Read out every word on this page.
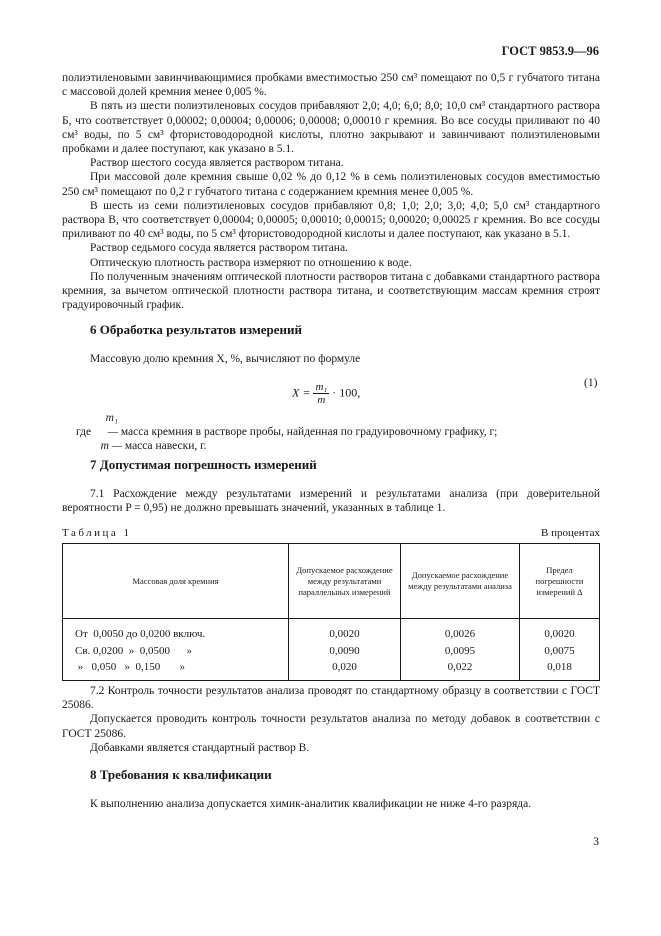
ГОСТ 9853.9—96

полиэтиленовыми завинчивающимися пробками вместимостью 250 см³ помещают по 0,5 г губчатого титана с массовой долей кремния менее 0,005 %.

В пять из шести полиэтиленовых сосудов прибавляют 2,0; 4,0; 6,0; 8,0; 10,0 см³ стандартного раствора Б, что соответствует 0,00002; 0,00004; 0,00006; 0,00008; 0,00010 г кремния. Во все сосуды приливают по 40 см³ воды, по 5 см³ фтористоводородной кислоты, плотно закрывают и завинчивают полиэтиленовыми пробками и далее поступают, как указано в 5.1.

Раствор шестого сосуда является раствором титана.

При массовой доле кремния свыше 0,02 % до 0,12 % в семь полиэтиленовых сосудов вместимостью 250 см³ помещают по 0,2 г губчатого титана с содержанием кремния менее 0,005 %.

В шесть из семи полиэтиленовых сосудов прибавляют 0,8; 1,0; 2,0; 3,0; 4,0; 5,0 см³ стандартного раствора В, что соответствует 0,00004; 0,00005; 0,00010; 0,00015; 0,00020; 0,00025 г кремния. Во все сосуды приливают по 40 см³ воды, по 5 см³ фтористоводородной кислоты и далее поступают, как указано в 5.1.

Раствор седьмого сосуда является раствором титана.

Оптическую плотность раствора измеряют по отношению к воде.

По полученным значениям оптической плотности растворов титана с добавками стандартного раствора кремния, за вычетом оптической плотности раствора титана, и соответствующим массам кремния строят градуировочный график.

6 Обработка результатов измерений

Массовую долю кремния X, %, вычисляют по формуле

$X = \frac{\text{m₁}}{m} \cdot 100$,
(1)
где m₁ — масса кремния в растворе пробы, найденная по градуировочному графику, г;
m — масса навески, г.
7 Допустимая погрешность измерений

7.1 Расхождение между результатами измерений и результатами анализа (при доверительной вероятности P = 0,95) не должно превышать значений, указанных в таблице 1.

Таблица 1	В процентах
Массовая доля кремния	Допускаемое расхождение между результатами параллельных измерений	Допускаемое расхождение между результатами анализа	Предел погрешности измерений Δ

От  0,0050 до 0,0200 включ.	0,0020	0,0026	0,0020
Св. 0,0200  »  0,0500      »	0,0090	0,0095	0,0075
»   0,050   »  0,150       »	0,020	0,022	0,018

7.2 Контроль точности результатов анализа проводят по стандартному образцу в соответствии с ГОСТ 25086.

Допускается проводить контроль точности результатов анализа по методу добавок в соответствии с ГОСТ 25086.

Добавками является стандартный раствор В.

8 Требования к квалификации

К выполнению анализа допускается химик-аналитик квалификации не ниже 4-го разряда.

3
